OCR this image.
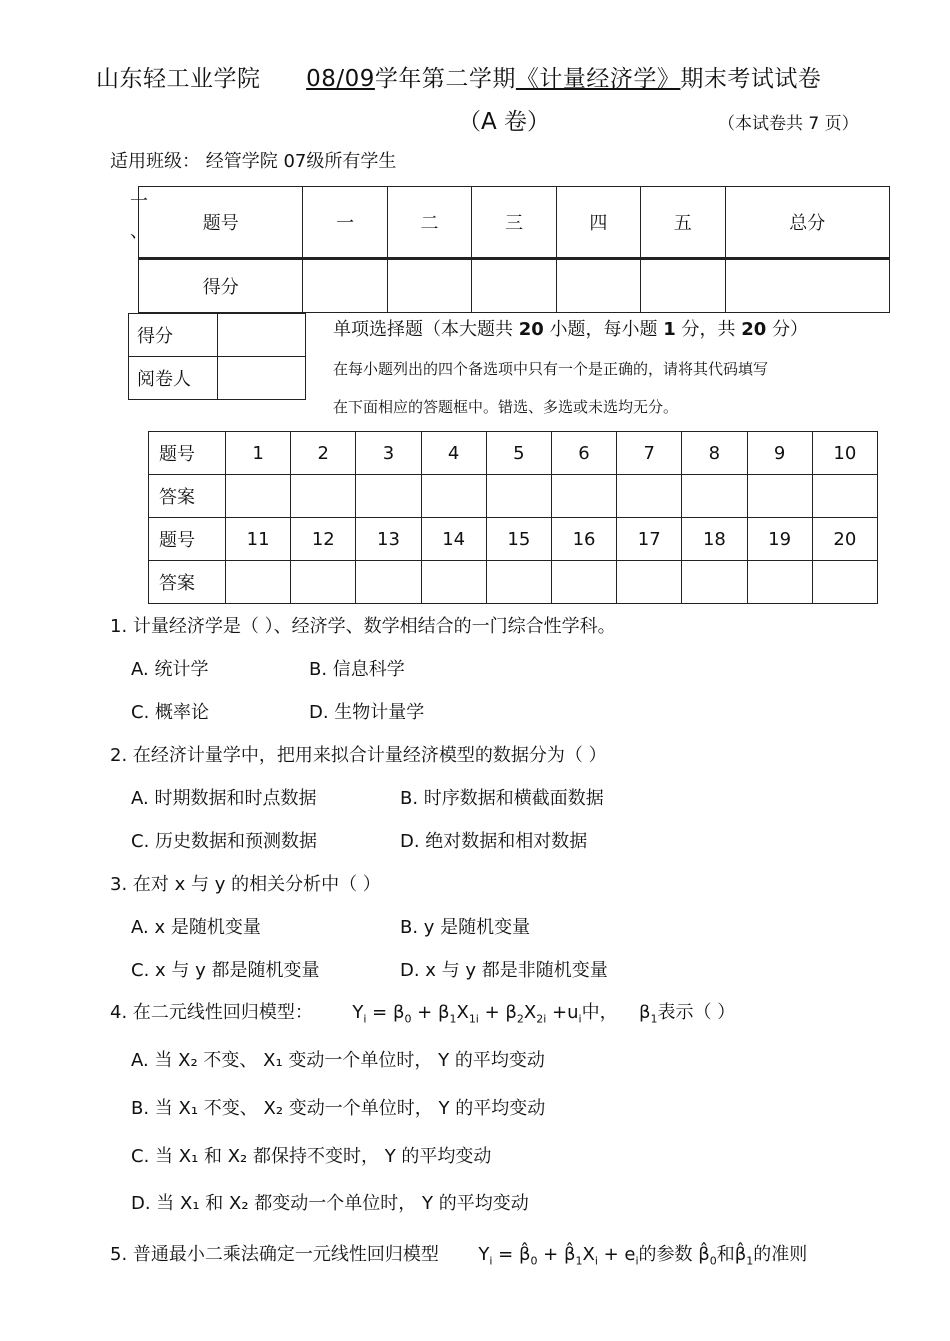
山东轻工业学院 08/09学年第二学期《计量经济学》期末考试试卷
（A 卷）	（本试卷共 7 页）
适用班级： 经管学院 07级所有学生
一
、	题号	一	二	三	四	五	总分
得分						
得分	
阅卷人	
单项选择题（本大题共 20 小题，每小题 1 分，共 20 分）
在每小题列出的四个备选项中只有一个是正确的，请将其代码填写
在下面相应的答题框中。错选、多选或未选均无分。
题号	1	2	3	4	5	6	7	8	9	10
答案										
题号	11	12	13	14	15	16	17	18	19	20
答案										
1. 计量经济学是（ ）、经济学、数学相结合的一门综合性学科。
A. 统计学	B. 信息科学
C. 概率论	D. 生物计量学
2. 在经济计量学中，把用来拟合计量经济模型的数据分为（ ）
A. 时期数据和时点数据	B. 时序数据和横截面数据
C. 历史数据和预测数据	D. 绝对数据和相对数据
3. 在对 x 与 y 的相关分析中（ ）
A. x 是随机变量	B. y 是随机变量
C. x 与 y 都是随机变量	D. x 与 y 都是非随机变量
4. 在二元线性回归模型： $Y_i = \beta_0 + \beta_1X_{1i} + \beta_2X_{2i} +u_i$中， $\beta_1$表示（ ）
A. 当 X₂ 不变、 X₁ 变动一个单位时， Y 的平均变动
B. 当 X₁ 不变、 X₂ 变动一个单位时， Y 的平均变动
C. 当 X₁ 和 X₂ 都保持不变时， Y 的平均变动
D. 当 X₁ 和 X₂ 都变动一个单位时， Y 的平均变动
5. 普通最小二乘法确定一元线性回归模型 $Y_i$ = $\betâ_0$ + $\betâ_1X_i + e_i$的参数 $\betâ_0$和$\betâ_1$的准则
